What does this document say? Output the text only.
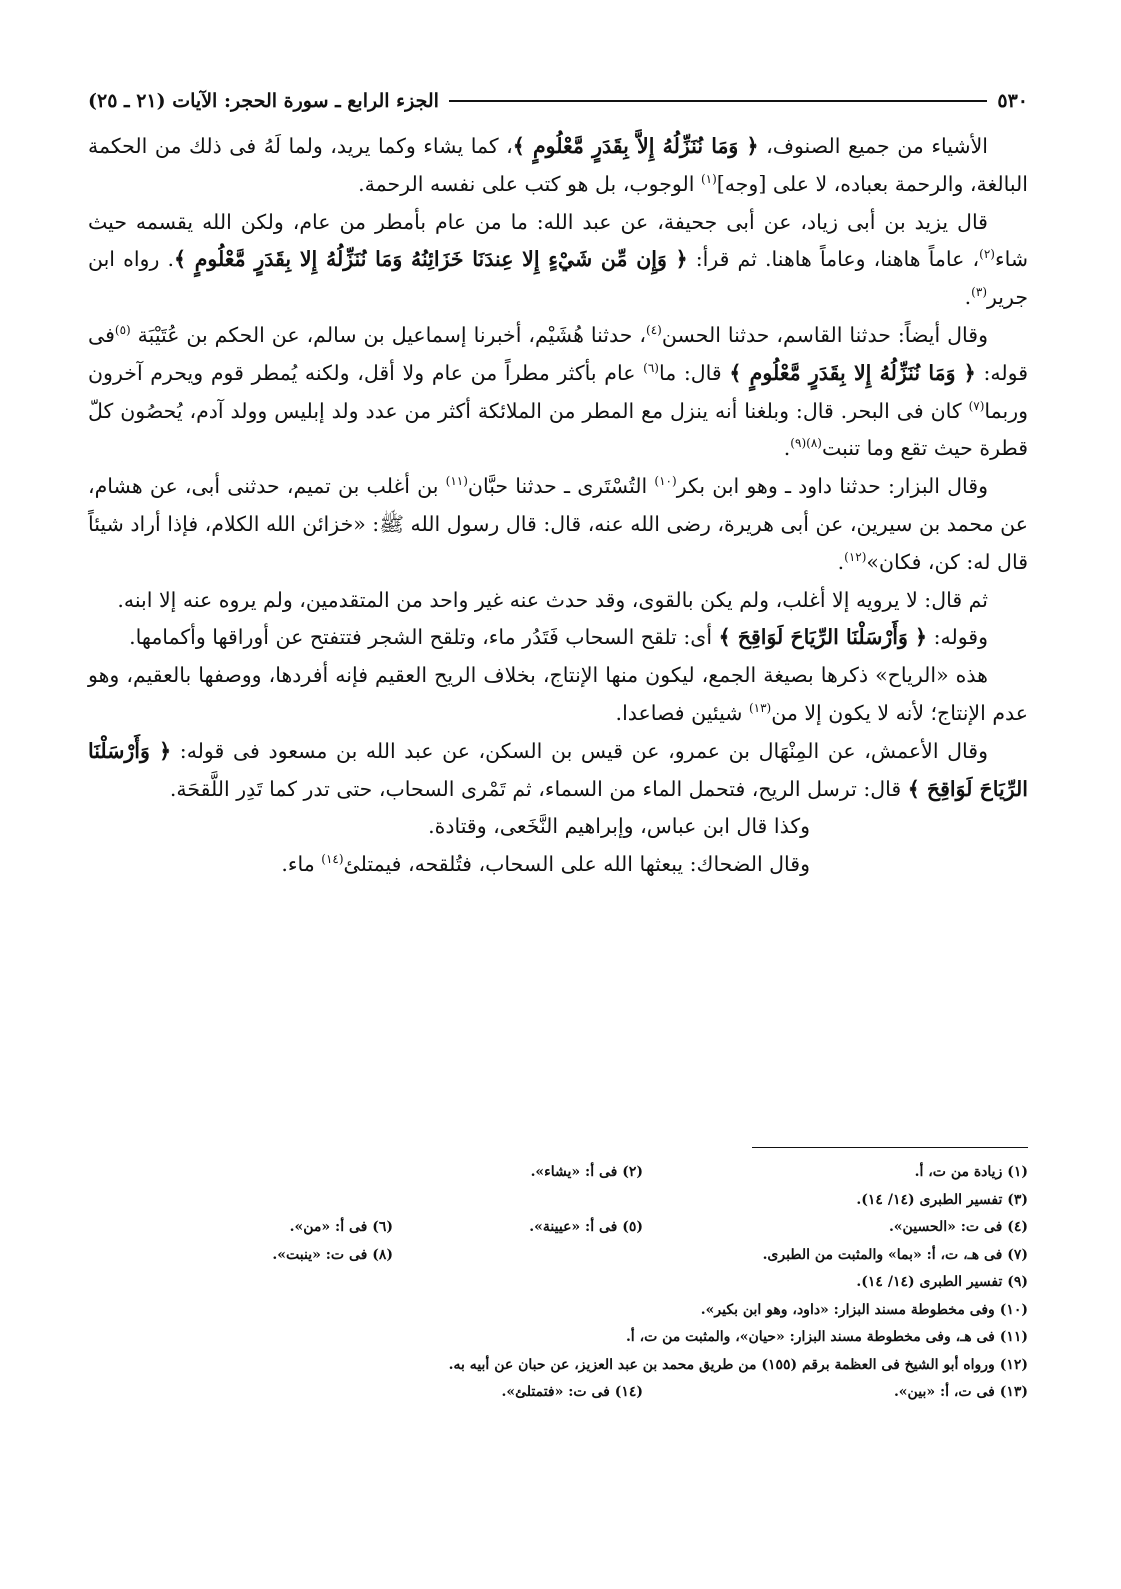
٥٣٠
الجزء الرابع ـ سورة الحجر: الآيات (٢١ ـ ٢٥)

الأشياء من جميع الصنوف، ﴿ وَمَا نُنَزِّلُهُ إِلاَّ بِقَدَرٍ مَّعْلُومٍ ﴾، كما يشاء وكما يريد، ولما لَهُ فى ذلك من الحكمة البالغة، والرحمة بعباده، لا على [وجه]$^{(١)}$ الوجوب، بل هو كتب على نفسه الرحمة.

قال يزيد بن أبى زياد، عن أبى جحيفة، عن عبد الله: ما من عام بأمطر من عام، ولكن الله يقسمه حيث شاء$^{(٢)}$، عاماً هاهنا، وعاماً هاهنا. ثم قرأ: ﴿ وَإِن مِّن شَيْءٍ إِلا عِندَنَا خَزَائِنُهُ وَمَا نُنَزِّلُهُ إِلا بِقَدَرٍ مَّعْلُومٍ ﴾. رواه ابن جرير$^{(٣)}$.

وقال أيضاً: حدثنا القاسم، حدثنا الحسن$^{(٤)}$، حدثنا هُشَيْم، أخبرنا إسماعيل بن سالم، عن الحكم بن عُتَيْبَة $^{(٥)}$فى قوله: ﴿ وَمَا نُنَزِّلُهُ إِلا بِقَدَرٍ مَّعْلُومٍ ﴾ قال: ما$^{(٦)}$ عام بأكثر مطراً من عام ولا أقل، ولكنه يُمطر قوم ويحرم آخرون وربما$^{(٧)}$ كان فى البحر. قال: وبلغنا أنه ينزل مع المطر من الملائكة أكثر من عدد ولد إبليس وولد آدم، يُحصُون كلّ قطرة حيث تقع وما تنبت$^{(٨)(٩)}$.

وقال البزار: حدثنا داود ـ وهو ابن بكر$^{(١٠)}$ التُسْتَرى ـ حدثنا حبَّان$^{(١١)}$ بن أغلب بن تميم، حدثنى أبى، عن هشام، عن محمد بن سيرين، عن أبى هريرة، رضى الله عنه، قال: قال رسول الله ﷺ: «خزائن الله الكلام، فإذا أراد شيئاً قال له: كن، فكان»$^{(١٢)}$.

ثم قال: لا يرويه إلا أغلب، ولم يكن بالقوى، وقد حدث عنه غير واحد من المتقدمين، ولم يروه عنه إلا ابنه.

وقوله: ﴿ وَأَرْسَلْنَا الرِّيَاحَ لَوَاقِحَ ﴾ أى: تلقح السحاب فَتَدُر ماء، وتلقح الشجر فتتفتح عن أوراقها وأكمامها.

هذه «الرياح» ذكرها بصيغة الجمع، ليكون منها الإنتاج، بخلاف الريح العقيم فإنه أفردها، ووصفها بالعقيم، وهو عدم الإنتاج؛ لأنه لا يكون إلا من$^{(١٣)}$ شيئين فصاعدا.

وقال الأعمش، عن المِنْهَال بن عمرو، عن قيس بن السكن، عن عبد الله بن مسعود فى قوله: ﴿ وَأَرْسَلْنَا الرِّيَاحَ لَوَاقِحَ ﴾ قال: ترسل الريح، فتحمل الماء من السماء، ثم تَمْرى السحاب، حتى تدر كما تَدِر اللَّقحَة.

وكذا قال ابن عباس، وإبراهيم النَّخَعى، وقتادة.

وقال الضحاك: يبعثها الله على السحاب، فتُلقحه، فيمتلئ$^{(١٤)}$ ماء.

(١) زيادة من ت، أ.
(٢) فى أ: «يشاء».
(٣) تفسير الطبرى (١٤/ ١٤).
(٤) فى ت: «الحسين».
(٥) فى أ: «عيينة».
(٦) فى أ: «من».
(٧) فى هـ، ت، أ: «بما» والمثبت من الطبرى.
(٨) فى ت: «ينبت».
(٩) تفسير الطبرى (١٤/ ١٤).
(١٠) وفى مخطوطة مسند البزار: «داود، وهو ابن بكير».
(١١) فى هـ، وفى مخطوطة مسند البزار: «حيان»، والمثبت من ت، أ.
(١٢) ورواه أبو الشيخ فى العظمة برقم (١٥٥) من طريق محمد بن عبد العزيز، عن حبان عن أبيه به.
(١٣) فى ت، أ: «بين».
(١٤) فى ت: «فتمتلئ».
